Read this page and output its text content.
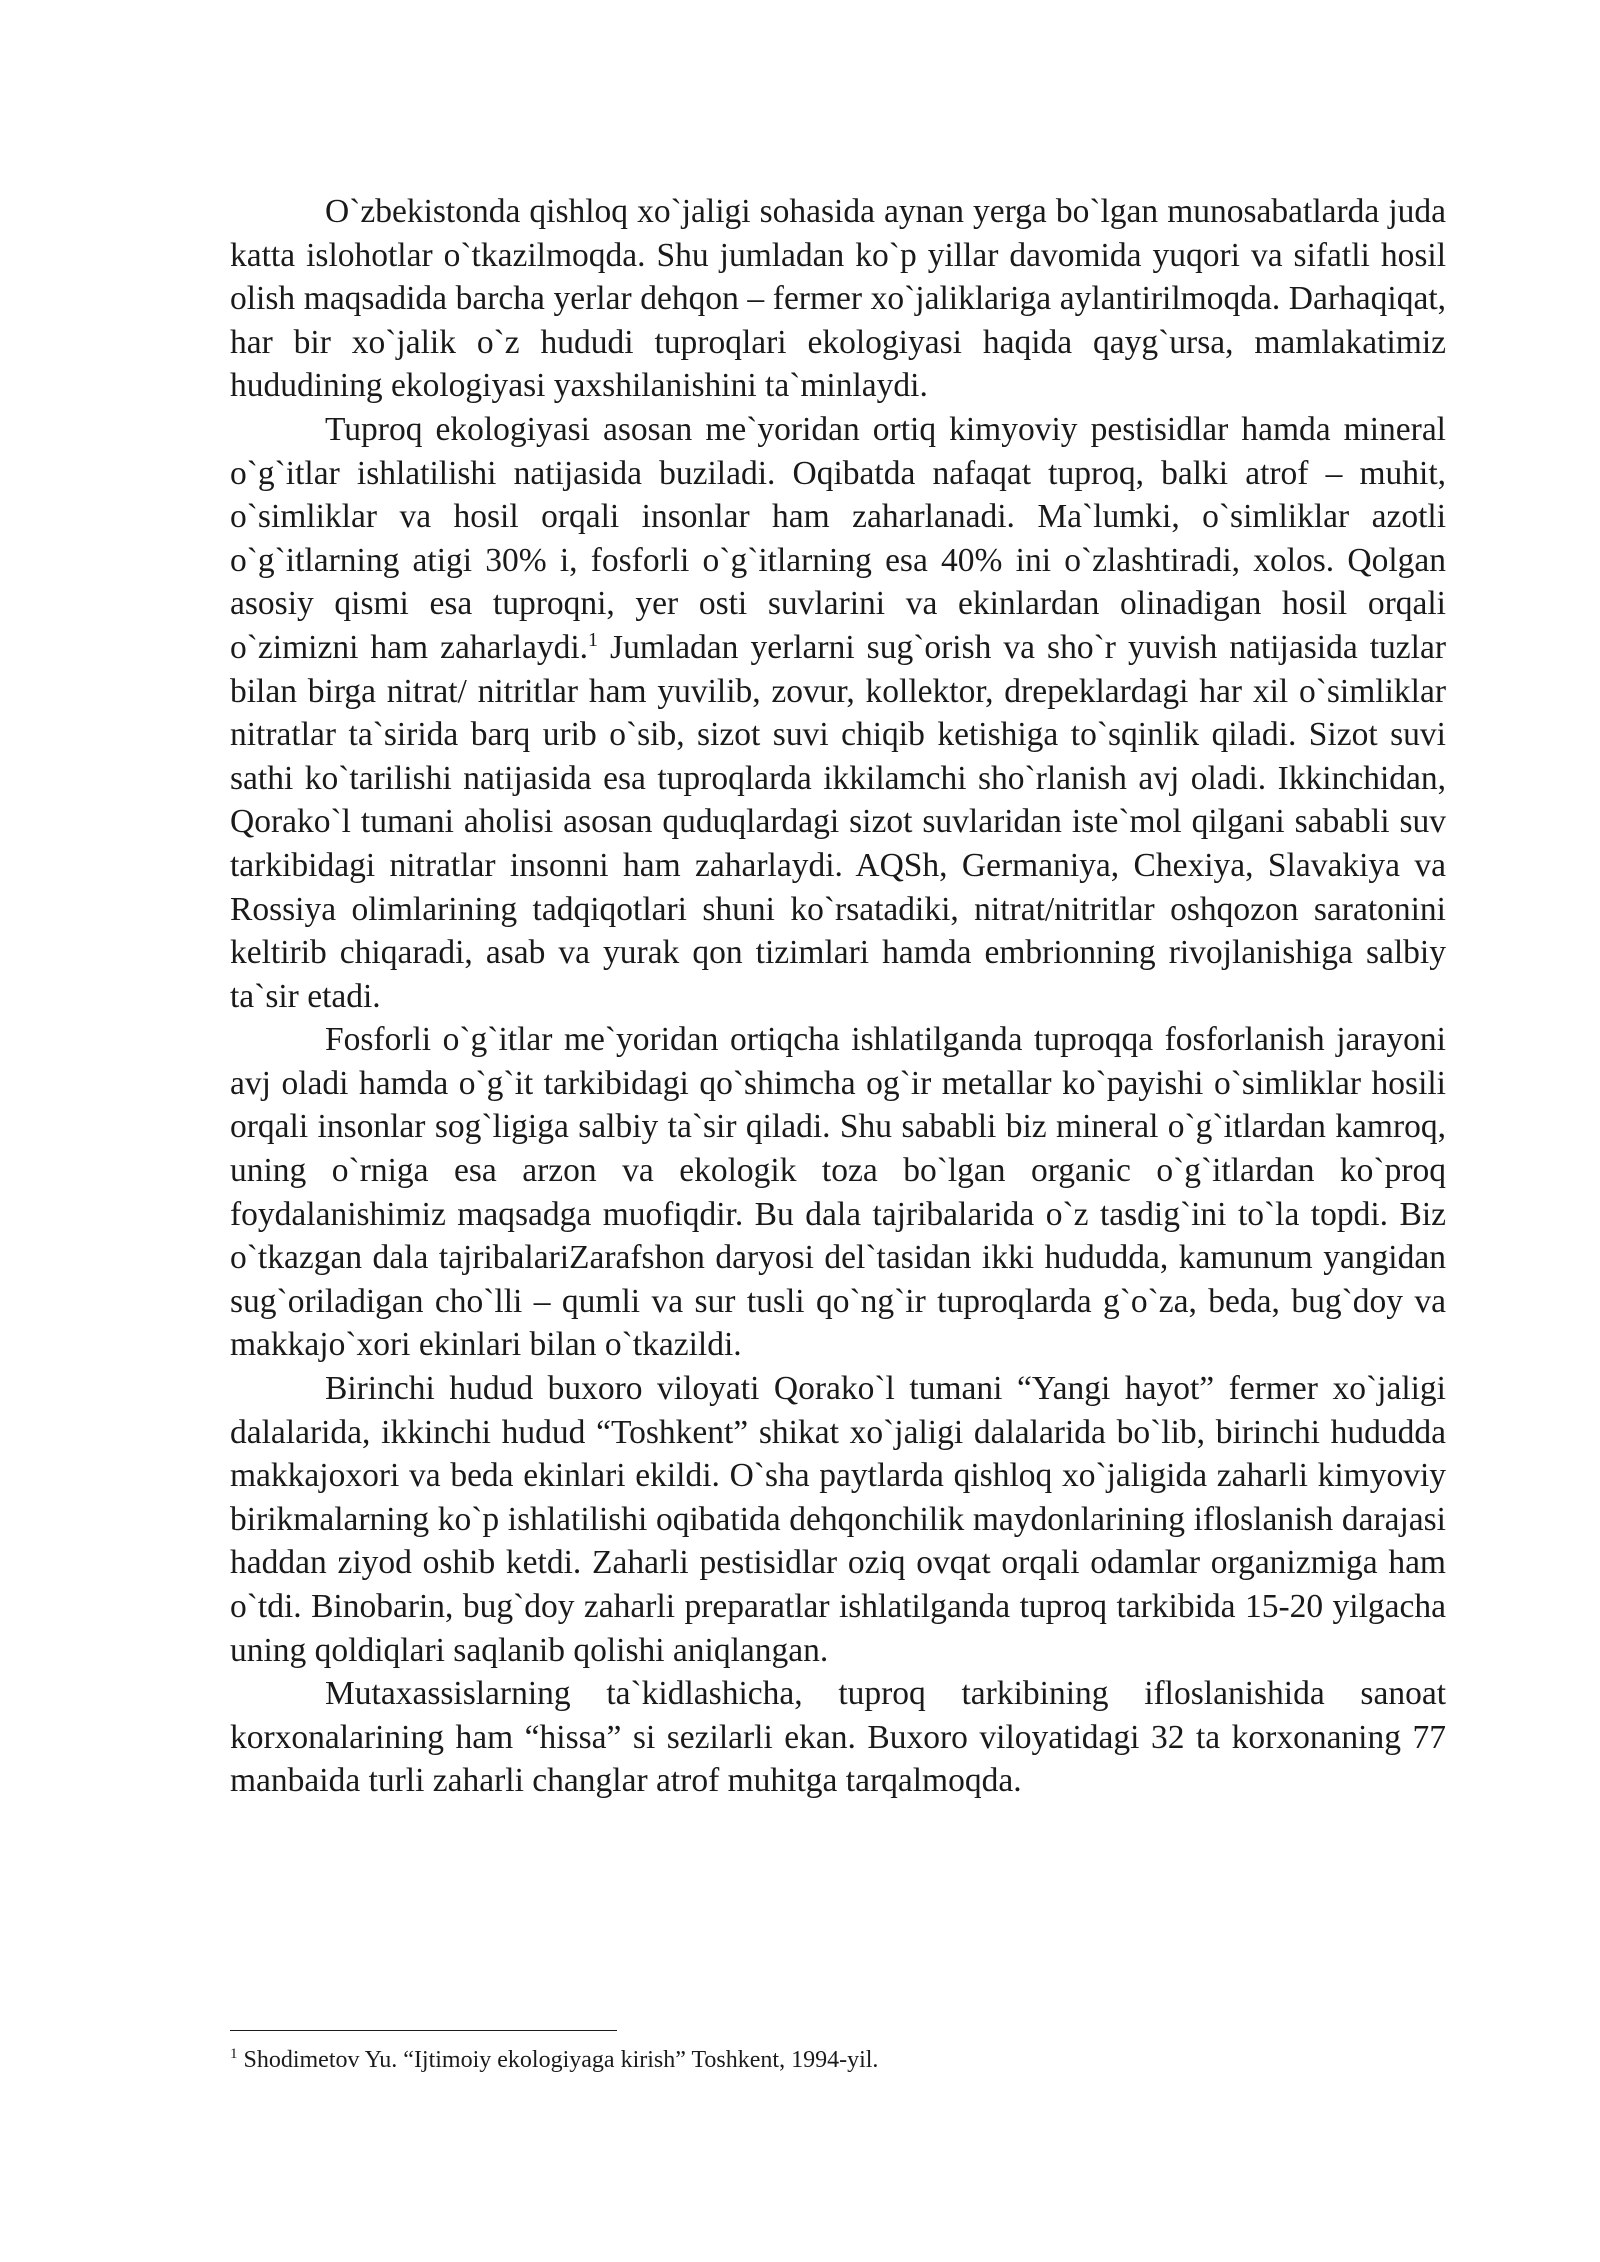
O`zbekistonda qishloq xo`jaligi sohasida aynan yerga bo`lgan munosabatlarda juda katta islohotlar o`tkazilmoqda. Shu jumladan ko`p yillar davomida yuqori va sifatli hosil olish maqsadida barcha yerlar dehqon – fermer xo`jaliklariga aylantirilmoqda. Darhaqiqat, har bir xo`jalik o`z hududi tuproqlari ekologiyasi haqida qayg`ursa, mamlakatimiz hududining ekologiyasi yaxshilanishini ta`minlaydi.

Tuproq ekologiyasi asosan me`yoridan ortiq kimyoviy pestisidlar hamda mineral o`g`itlar ishlatilishi natijasida buziladi. Oqibatda nafaqat tuproq, balki atrof – muhit, o`simliklar va hosil orqali insonlar ham zaharlanadi. Ma`lumki, o`simliklar azotli o`g`itlarning atigi 30% i, fosforli o`g`itlarning esa 40% ini o`zlashtiradi, xolos. Qolgan asosiy qismi esa tuproqni, yer osti suvlarini va ekinlardan olinadigan hosil orqali o`zimizni ham zaharlaydi.$^1$ Jumladan yerlarni sug`orish va sho`r yuvish natijasida tuzlar bilan birga nitrat/ nitritlar ham yuvilib, zovur, kollektor, drepeklardagi har xil o`simliklar nitratlar ta`sirida barq urib o`sib, sizot suvi chiqib ketishiga to`sqinlik qiladi. Sizot suvi sathi ko`tarilishi natijasida esa tuproqlarda ikkilamchi sho`rlanish avj oladi. Ikkinchidan, Qorako`l tumani aholisi asosan quduqlardagi sizot suvlaridan iste`mol qilgani sababli suv tarkibidagi nitratlar insonni ham zaharlaydi. AQSh, Germaniya, Chexiya, Slavakiya va Rossiya olimlarining tadqiqotlari shuni ko`rsatadiki, nitrat/nitritlar oshqozon saratonini keltirib chiqaradi, asab va yurak qon tizimlari hamda embrionning rivojlanishiga salbiy ta`sir etadi.

Fosforli o`g`itlar me`yoridan ortiqcha ishlatilganda tuproqqa fosforlanish jarayoni avj oladi hamda o`g`it tarkibidagi qo`shimcha og`ir metallar ko`payishi o`simliklar hosili orqali insonlar sog`ligiga salbiy ta`sir qiladi. Shu sababli biz mineral o`g`itlardan kamroq, uning o`rniga esa arzon va ekologik toza bo`lgan organic o`g`itlardan ko`proq foydalanishimiz maqsadga muofiqdir. Bu dala tajribalarida o`z tasdig`ini to`la topdi. Biz o`tkazgan dala tajribalariZarafshon daryosi del`tasidan ikki hududda, kamunum yangidan sug`oriladigan cho`lli – qumli va sur tusli qo`ng`ir tuproqlarda g`o`za, beda, bug`doy va makkajo`xori ekinlari bilan o`tkazildi.

Birinchi hudud buxoro viloyati Qorako`l tumani “Yangi hayot” fermer xo`jaligi dalalarida, ikkinchi hudud “Toshkent” shikat xo`jaligi dalalarida bo`lib, birinchi hududda makkajoxori va beda ekinlari ekildi. O`sha paytlarda qishloq xo`jaligida zaharli kimyoviy birikmalarning ko`p ishlatilishi oqibatida dehqonchilik maydonlarining ifloslanish darajasi haddan ziyod oshib ketdi. Zaharli pestisidlar oziq ovqat orqali odamlar organizmiga ham o`tdi. Binobarin, bug`doy zaharli preparatlar ishlatilganda tuproq tarkibida 15-20 yilgacha uning qoldiqlari saqlanib qolishi aniqlangan.

Mutaxassislarning ta`kidlashicha, tuproq tarkibining ifloslanishida sanoat korxonalarining ham “hissa” si sezilarli ekan. Buxoro viloyatidagi 32 ta korxonaning 77 manbaida turli zaharli changlar atrof muhitga tarqalmoqda.

$^1$ Shodimetov Yu. “Ijtimoiy ekologiyaga kirish” Toshkent, 1994-yil.
